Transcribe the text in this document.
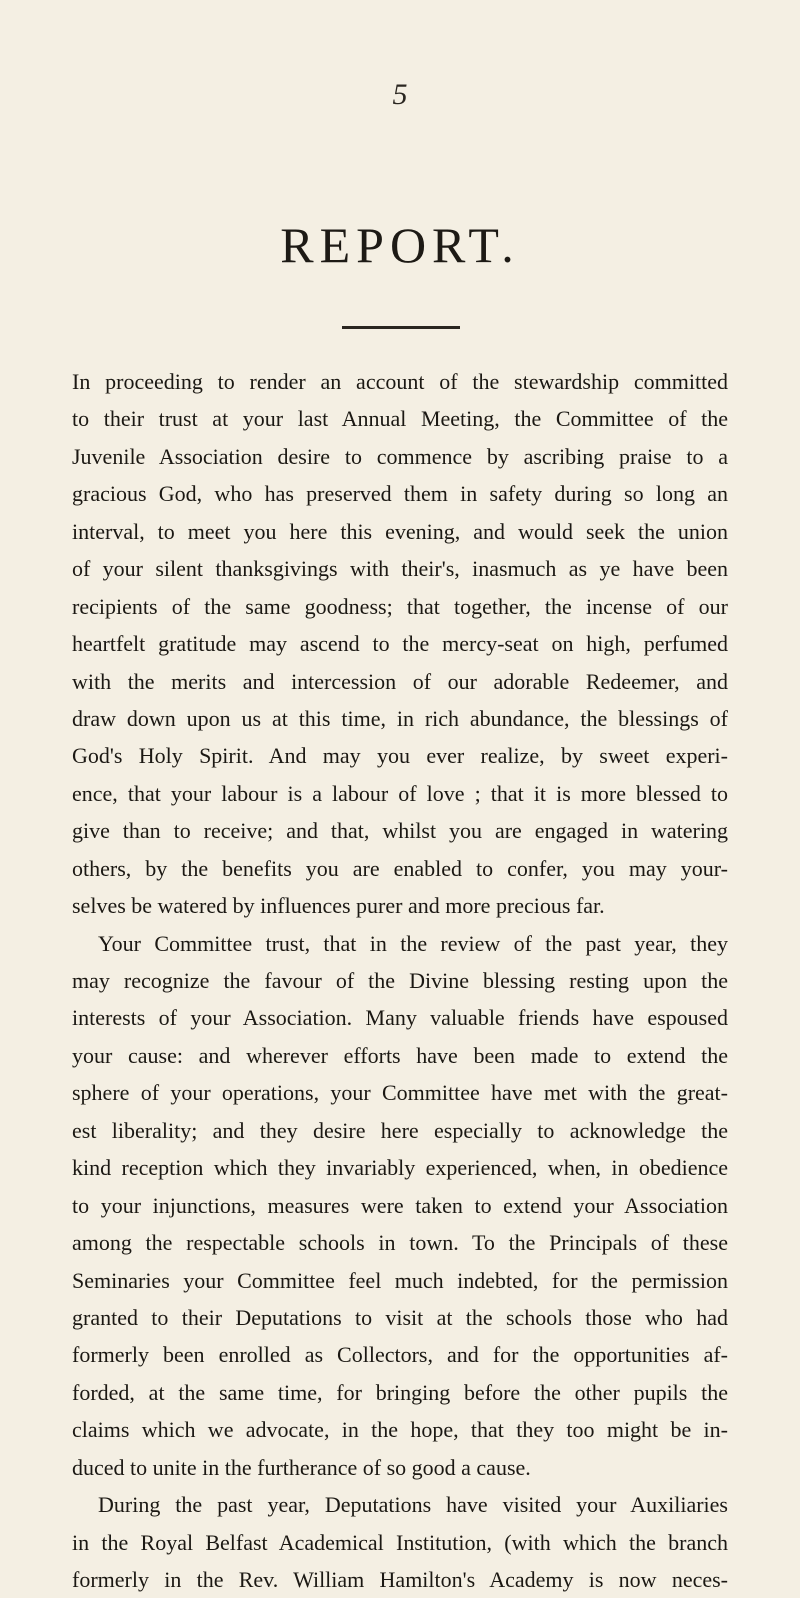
5
REPORT.
In proceeding to render an account of the stewardship committed
to their trust at your last Annual Meeting, the Committee of the
Juvenile Association desire to commence by ascribing praise to a
gracious God, who has preserved them in safety during so long an
interval, to meet you here this evening, and would seek the union
of your silent thanksgivings with their's, inasmuch as ye have been
recipients of the same goodness; that together, the incense of our
heartfelt gratitude may ascend to the mercy-seat on high, perfumed
with the merits and intercession of our adorable Redeemer, and
draw down upon us at this time, in rich abundance, the blessings of
God's Holy Spirit. And may you ever realize, by sweet experi-
ence, that your labour is a labour of love ; that it is more blessed to
give than to receive; and that, whilst you are engaged in watering
others, by the benefits you are enabled to confer, you may your-
selves be watered by influences purer and more precious far.
Your Committee trust, that in the review of the past year, they
may recognize the favour of the Divine blessing resting upon the
interests of your Association. Many valuable friends have espoused
your cause: and wherever efforts have been made to extend the
sphere of your operations, your Committee have met with the great-
est liberality; and they desire here especially to acknowledge the
kind reception which they invariably experienced, when, in obedience
to your injunctions, measures were taken to extend your Association
among the respectable schools in town. To the Principals of these
Seminaries your Committee feel much indebted, for the permission
granted to their Deputations to visit at the schools those who had
formerly been enrolled as Collectors, and for the opportunities af-
forded, at the same time, for bringing before the other pupils the
claims which we advocate, in the hope, that they too might be in-
duced to unite in the furtherance of so good a cause.
During the past year, Deputations have visited your Auxiliaries
in the Royal Belfast Academical Institution, (with which the branch
formerly in the Rev. William Hamilton's Academy is now neces-
